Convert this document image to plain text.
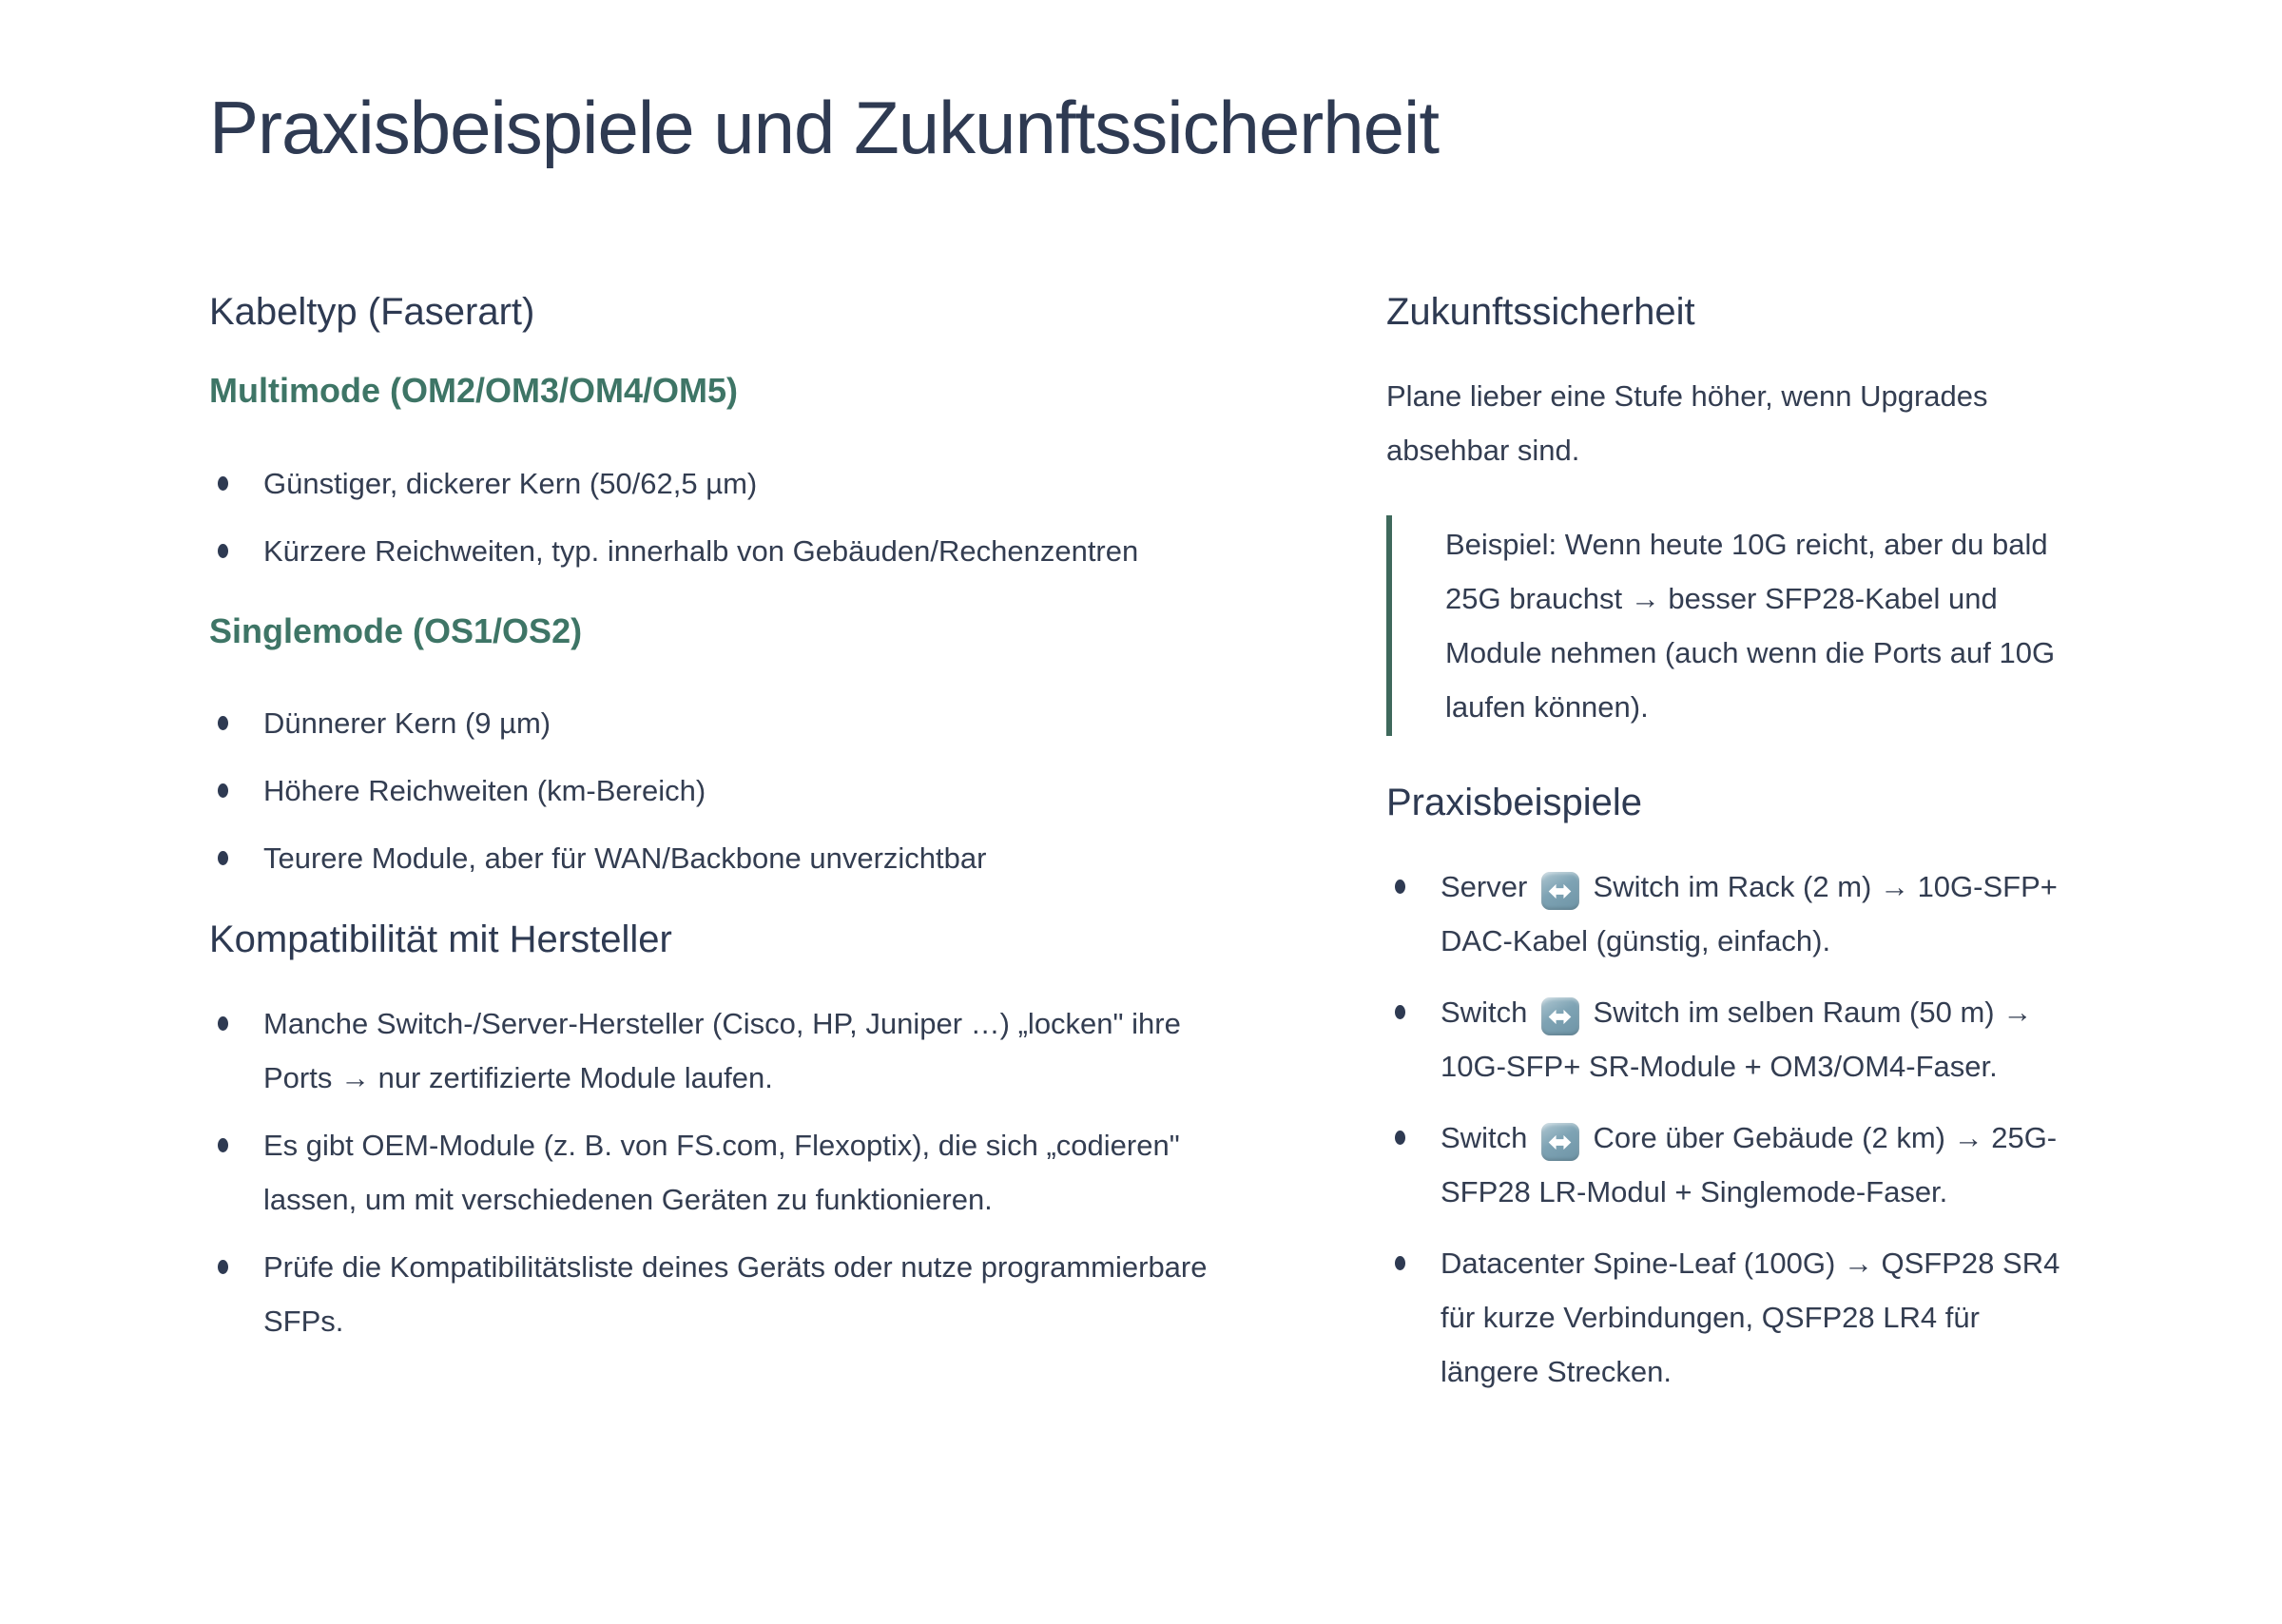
Praxisbeispiele und Zukunftssicherheit
Kabeltyp (Faserart)
Multimode (OM2/OM3/OM4/OM5)
Günstiger, dickerer Kern (50/62,5 µm)
Kürzere Reichweiten, typ. innerhalb von Gebäuden/Rechenzentren
Singlemode (OS1/OS2)
Dünnerer Kern (9 µm)
Höhere Reichweiten (km-Bereich)
Teurere Module, aber für WAN/Backbone unverzichtbar
Kompatibilität mit Hersteller
Manche Switch-/Server-Hersteller (Cisco, HP, Juniper …) „locken" ihre Ports → nur zertifizierte Module laufen.
Es gibt OEM-Module (z. B. von FS.com, Flexoptix), die sich „codieren" lassen, um mit verschiedenen Geräten zu funktionieren.
Prüfe die Kompatibilitätsliste deines Geräts oder nutze programmierbare SFPs.
Zukunftssicherheit

Plane lieber eine Stufe höher, wenn Upgrades absehbar sind.

Beispiel: Wenn heute 10G reicht, aber du bald 25G brauchst → besser SFP28-Kabel und Module nehmen (auch wenn die Ports auf 10G laufen können).

Praxisbeispiele
Server
Switch im Rack (2 m) → 10G-SFP+ DAC-Kabel (günstig, einfach).
Switch
Switch im selben Raum (50 m) → 10G-SFP+ SR-Module + OM3/OM4-Faser.
Switch
Core über Gebäude (2 km) → 25G-SFP28 LR-Modul + Singlemode-Faser.
Datacenter Spine-Leaf (100G) → QSFP28 SR4 für kurze Verbindungen, QSFP28 LR4 für längere Strecken.
